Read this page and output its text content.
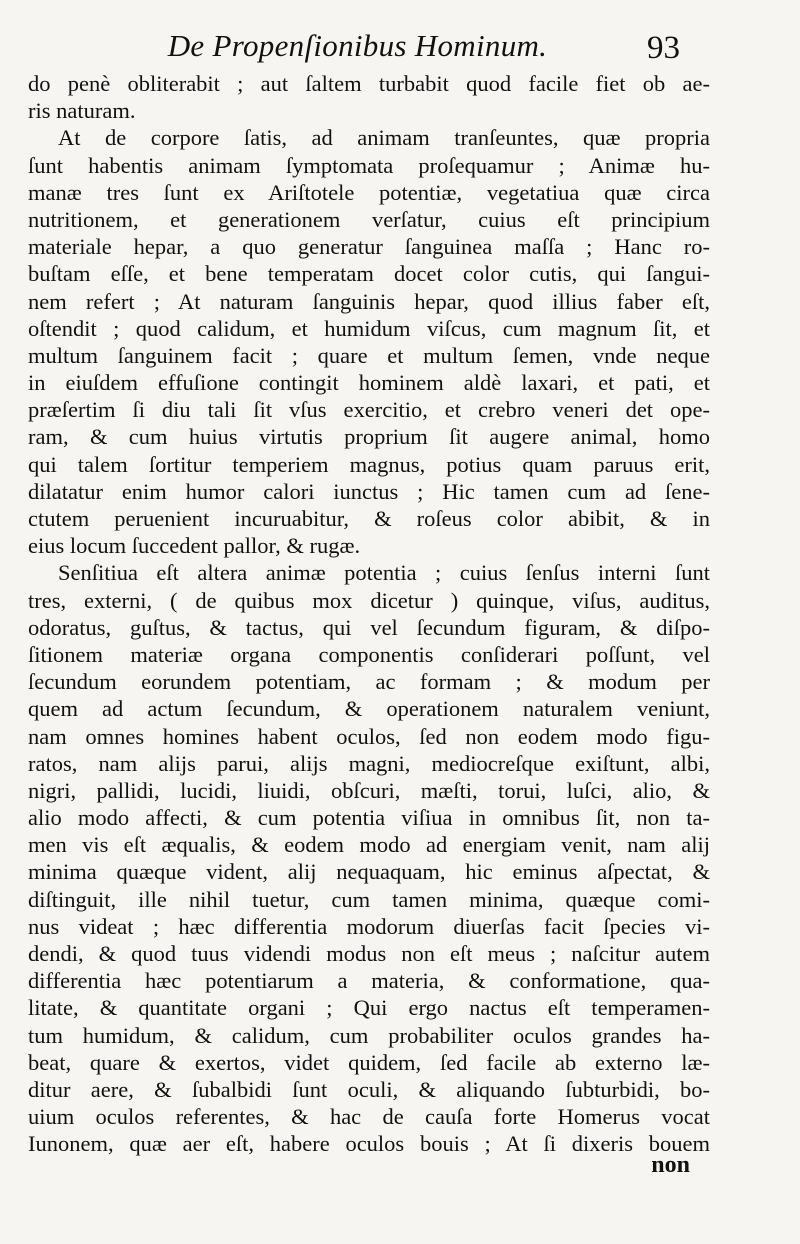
De Propenſionibus Hominum.	93
do penè obliterabit ; aut ſaltem turbabit quod facile fiet ob ae-
ris naturam.
At de corpore ſatis, ad animam tranſeuntes, quæ propria
ſunt habentis animam ſymptomata proſequamur ; Animæ hu-
manæ tres ſunt ex Ariſtotele potentiæ, vegetatiua quæ circa
nutritionem, et generationem verſatur, cuius eſt principium
materiale hepar, a quo generatur ſanguinea maſſa ; Hanc ro-
buſtam eſſe, et bene temperatam docet color cutis, qui ſangui-
nem refert ; At naturam ſanguinis hepar, quod illius faber eſt,
oſtendit ; quod calidum, et humidum viſcus, cum magnum ſit, et
multum ſanguinem facit ; quare et multum ſemen, vnde neque
in eiuſdem effuſione contingit hominem aldè laxari, et pati, et
præſertim ſi diu tali ſit vſus exercitio, et crebro veneri det ope-
ram, & cum huius virtutis proprium ſit augere animal, homo
qui talem ſortitur temperiem magnus, potius quam paruus erit,
dilatatur enim humor calori iunctus ; Hic tamen cum ad ſene-
ctutem peruenient incuruabitur, & roſeus color abibit, & in
eius locum ſuccedent pallor, & rugæ.
Senſitiua eſt altera animæ potentia ; cuius ſenſus interni ſunt
tres, externi, ( de quibus mox dicetur ) quinque, viſus, auditus,
odoratus, guſtus, & tactus, qui vel ſecundum figuram, & diſpo-
ſitionem materiæ organa componentis conſiderari poſſunt, vel
ſecundum eorundem potentiam, ac formam ; & modum per
quem ad actum ſecundum, & operationem naturalem veniunt,
nam omnes homines habent oculos, ſed non eodem modo figu-
ratos, nam alijs parui, alijs magni, mediocreſque exiſtunt, albi,
nigri, pallidi, lucidi, liuidi, obſcuri, mæſti, torui, luſci, alio, &
alio modo affecti, & cum potentia viſiua in omnibus ſit, non ta-
men vis eſt æqualis, & eodem modo ad energiam venit, nam alij
minima quæque vident, alij nequaquam, hic eminus aſpectat, &
diſtinguit, ille nihil tuetur, cum tamen minima, quæque comi-
nus videat ; hæc differentia modorum diuerſas facit ſpecies vi-
dendi, & quod tuus videndi modus non eſt meus ; naſcitur autem
differentia hæc potentiarum a materia, & conformatione, qua-
litate, & quantitate organi ; Qui ergo nactus eſt temperamen-
tum humidum, & calidum, cum probabiliter oculos grandes ha-
beat, quare & exertos, videt quidem, ſed facile ab externo læ-
ditur aere, & ſubalbidi ſunt oculi, & aliquando ſubturbidi, bo-
uium oculos referentes, & hac de cauſa forte Homerus vocat
Iunonem, quæ aer eſt, habere oculos bouis ; At ſi dixeris bouem
non
